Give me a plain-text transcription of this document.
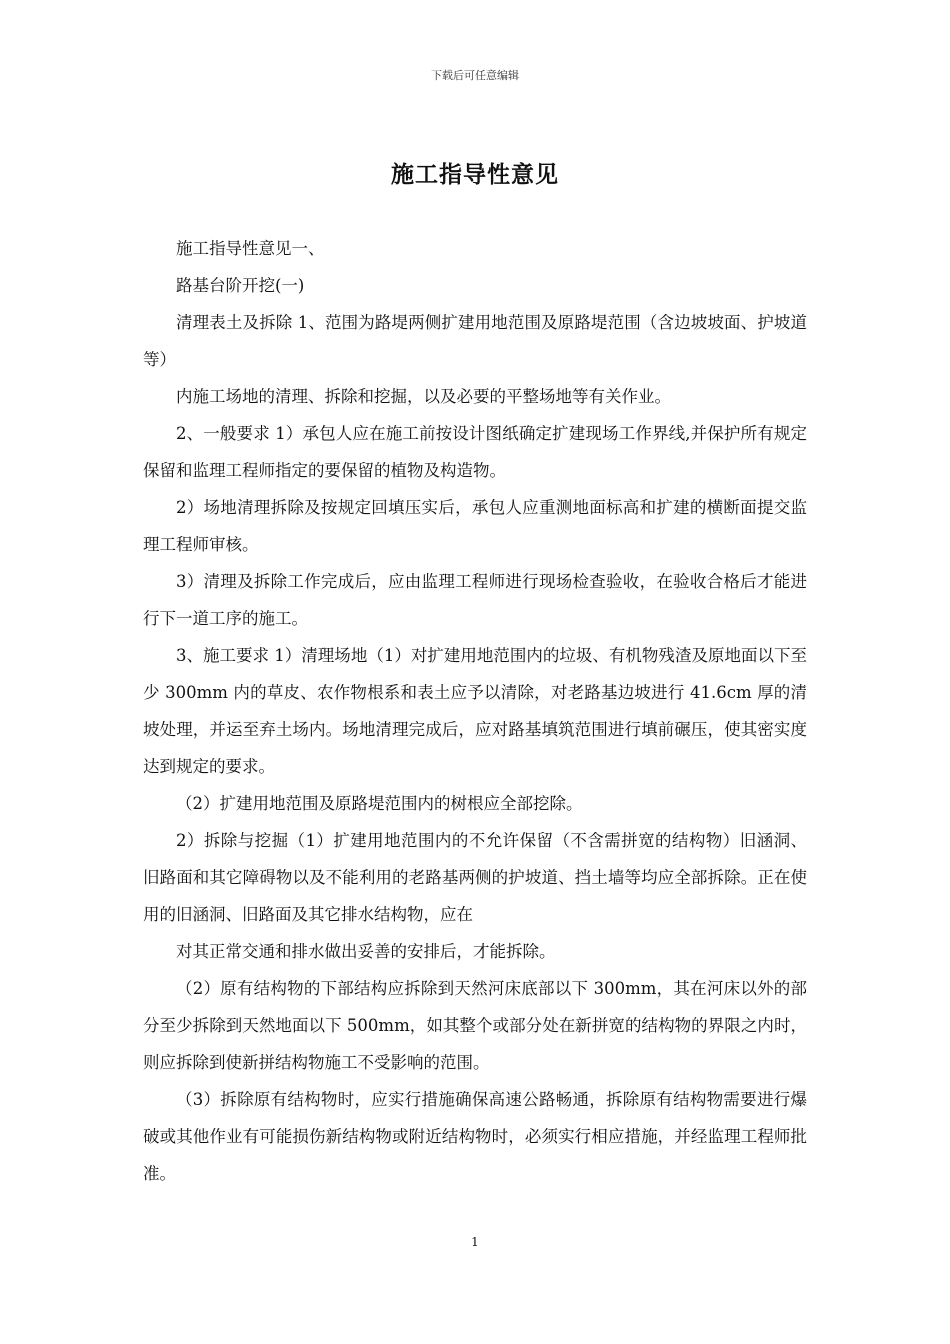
下载后可任意编辑
施工指导性意见

施工指导性意见一、

路基台阶开挖(一)

清理表土及拆除 1、范围为路堤两侧扩建用地范围及原路堤范围（含边坡坡面、护坡道等）

内施工场地的清理、拆除和挖掘，以及必要的平整场地等有关作业。

2、一般要求 1）承包人应在施工前按设计图纸确定扩建现场工作界线,并保护所有规定保留和监理工程师指定的要保留的植物及构造物。

2）场地清理拆除及按规定回填压实后，承包人应重测地面标高和扩建的横断面提交监理工程师审核。

3）清理及拆除工作完成后，应由监理工程师进行现场检查验收，在验收合格后才能进行下一道工序的施工。

3、施工要求 1）清理场地（1）对扩建用地范围内的垃圾、有机物残渣及原地面以下至少 300mm 内的草皮、农作物根系和表土应予以清除，对老路基边坡进行 41.6cm 厚的清坡处理，并运至弃土场内。场地清理完成后，应对路基填筑范围进行填前碾压，使其密实度达到规定的要求。

（2）扩建用地范围及原路堤范围内的树根应全部挖除。

2）拆除与挖掘（1）扩建用地范围内的不允许保留（不含需拼宽的结构物）旧涵洞、旧路面和其它障碍物以及不能利用的老路基两侧的护坡道、挡土墙等均应全部拆除。正在使用的旧涵洞、旧路面及其它排水结构物，应在

对其正常交通和排水做出妥善的安排后，才能拆除。

（2）原有结构物的下部结构应拆除到天然河床底部以下 300mm，其在河床以外的部分至少拆除到天然地面以下 500mm，如其整个或部分处在新拼宽的结构物的界限之内时，则应拆除到使新拼结构物施工不受影响的范围。

（3）拆除原有结构物时，应实行措施确保高速公路畅通，拆除原有结构物需要进行爆破或其他作业有可能损伤新结构物或附近结构物时，必须实行相应措施，并经监理工程师批准。

1
